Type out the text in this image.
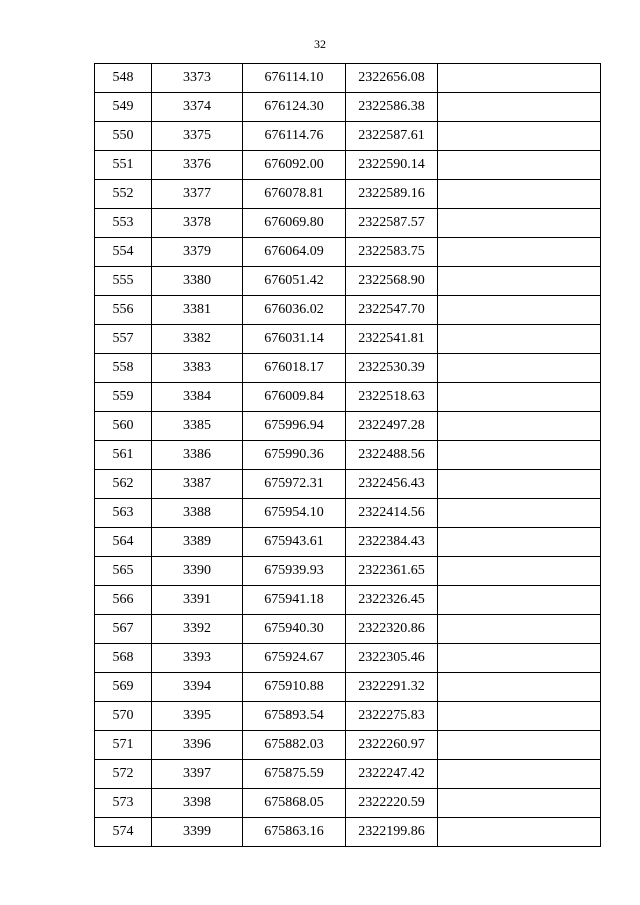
32
548	3373	676114.10	2322656.08	
549	3374	676124.30	2322586.38	
550	3375	676114.76	2322587.61	
551	3376	676092.00	2322590.14	
552	3377	676078.81	2322589.16	
553	3378	676069.80	2322587.57	
554	3379	676064.09	2322583.75	
555	3380	676051.42	2322568.90	
556	3381	676036.02	2322547.70	
557	3382	676031.14	2322541.81	
558	3383	676018.17	2322530.39	
559	3384	676009.84	2322518.63	
560	3385	675996.94	2322497.28	
561	3386	675990.36	2322488.56	
562	3387	675972.31	2322456.43	
563	3388	675954.10	2322414.56	
564	3389	675943.61	2322384.43	
565	3390	675939.93	2322361.65	
566	3391	675941.18	2322326.45	
567	3392	675940.30	2322320.86	
568	3393	675924.67	2322305.46	
569	3394	675910.88	2322291.32	
570	3395	675893.54	2322275.83	
571	3396	675882.03	2322260.97	
572	3397	675875.59	2322247.42	
573	3398	675868.05	2322220.59	
574	3399	675863.16	2322199.86	
